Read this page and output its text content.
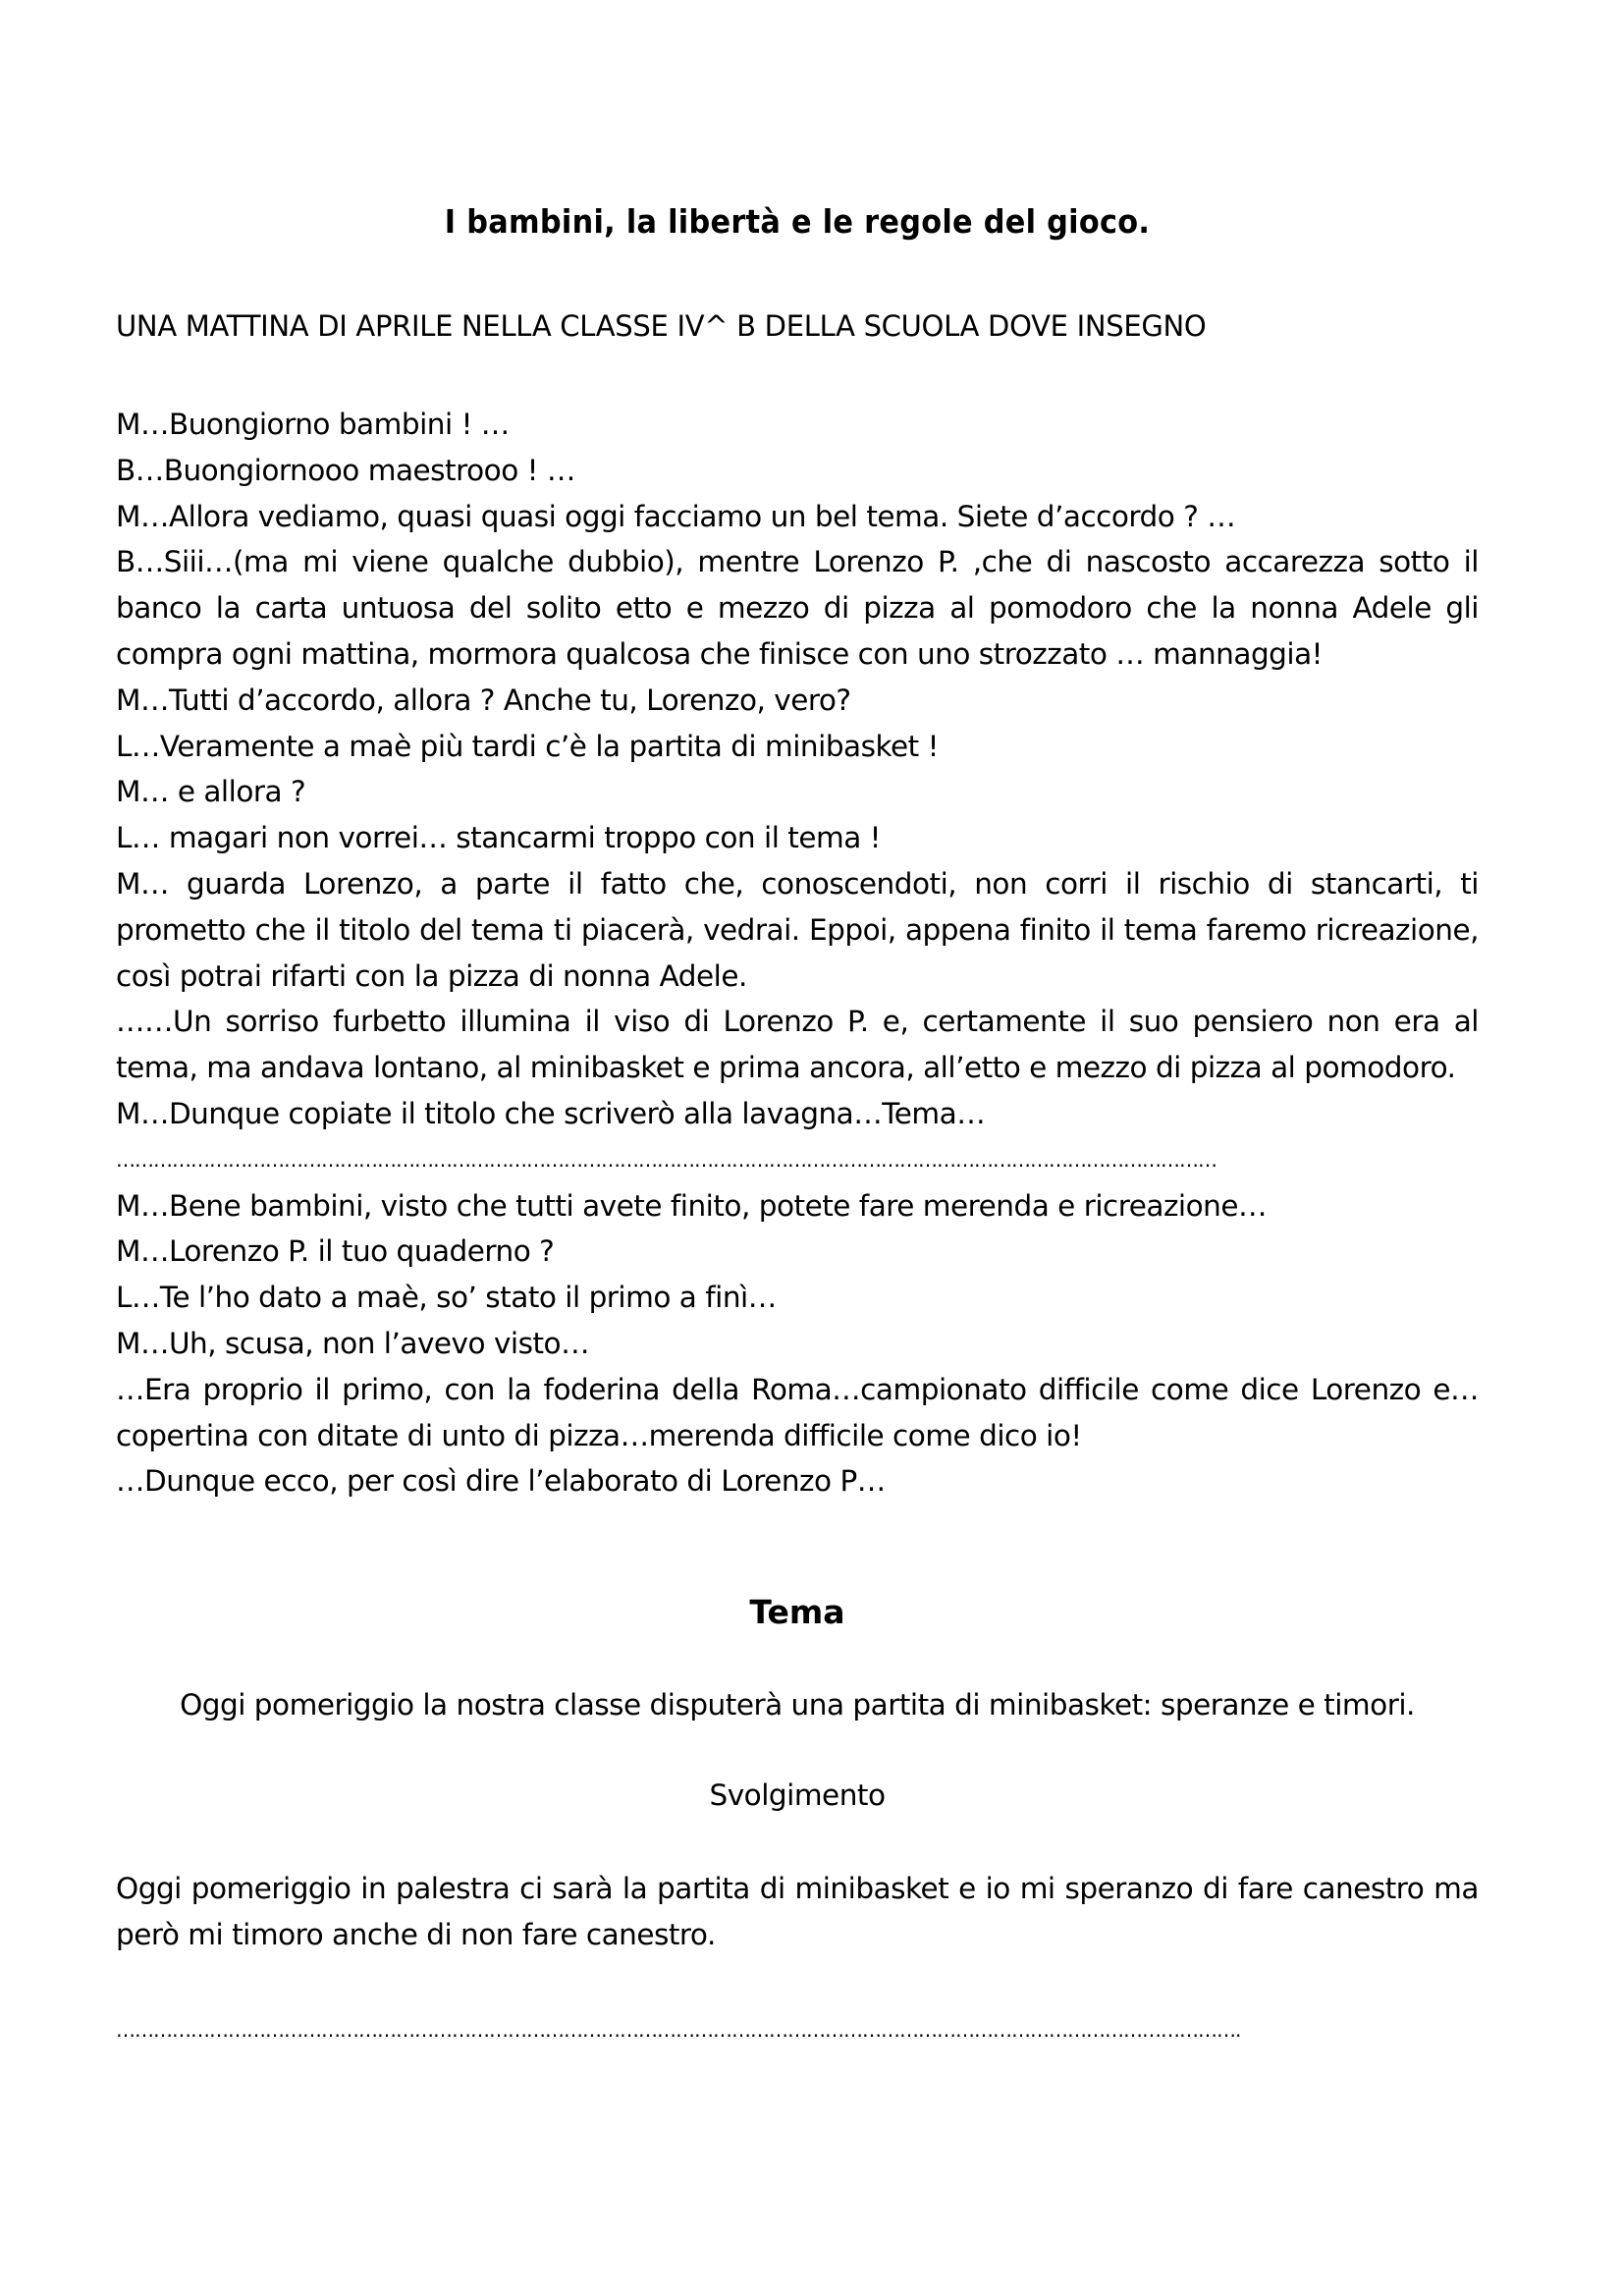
I bambini, la libertà e le regole del gioco.
UNA MATTINA DI APRILE NELLA CLASSE IV^ B DELLA SCUOLA DOVE INSEGNO

M…Buongiorno bambini ! …

B…Buongiornooo maestrooo ! …

M…Allora vediamo, quasi quasi oggi facciamo un bel tema. Siete d’accordo ? …

B…Siii…(ma mi viene qualche dubbio), mentre Lorenzo P. ,che di nascosto accarezza sotto il banco la carta untuosa del solito etto e mezzo di pizza al pomodoro che la nonna Adele gli compra ogni mattina, mormora qualcosa che finisce con uno strozzato … mannaggia!

M…Tutti d’accordo, allora ? Anche tu, Lorenzo, vero?

L…Veramente a maè più tardi c’è la partita di minibasket !

M… e allora ?

L… magari non vorrei… stancarmi troppo con il tema !

M… guarda Lorenzo, a parte il fatto che, conoscendoti, non corri il rischio di stancarti, ti prometto che il titolo del tema ti piacerà, vedrai. Eppoi, appena finito il tema faremo ricreazione, così potrai rifarti con la pizza di nonna Adele.

……Un sorriso furbetto illumina il viso di Lorenzo P. e, certamente il suo pensiero non era al tema, ma andava lontano, al minibasket e prima ancora, all’etto e mezzo di pizza al pomodoro.

M…Dunque copiate il titolo che scriverò alla lavagna…Tema…

……………………………………………………………………………………………………………………………………………………………

M…Bene bambini, visto che tutti avete finito, potete fare merenda e ricreazione…

M…Lorenzo P. il tuo quaderno ?

L…Te l’ho dato a maè, so’ stato il primo a finì…

M…Uh, scusa, non l’avevo visto…

…Era proprio il primo, con la foderina della Roma…campionato difficile come dice Lorenzo e…copertina con ditate di unto di pizza…merenda difficile come dico io!

…Dunque ecco, per così dire l’elaborato di Lorenzo P…

Tema
Oggi pomeriggio la nostra classe disputerà una partita di minibasket: speranze e timori.
Svolgimento

Oggi pomeriggio in palestra ci sarà la partita di minibasket e io mi speranzo di fare canestro ma però mi timoro anche di non fare canestro.

……………………………………………………………………………………………………………………………………………………………….
